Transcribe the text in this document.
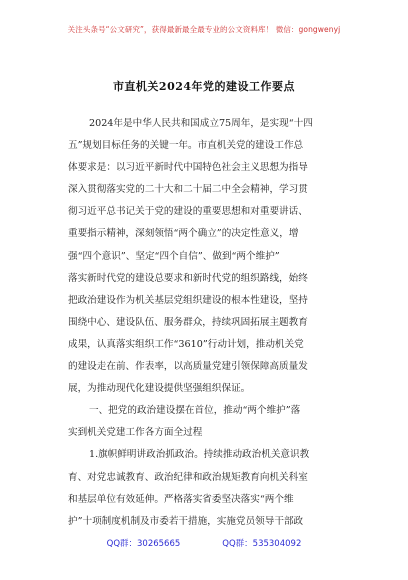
关注头条号“公文研究”，获得最新最全最专业的公文资料库！ 微信：gongwenyj
市直机关2024年党的建设工作要点
2024年是中华人民共和国成立75周年，是实现“十四
五”规划目标任务的关键一年。市直机关党的建设工作总
体要求是：以习近平新时代中国特色社会主义思想为指导
深入贯彻落实党的二十大和二十届二中全会精神，学习贯
彻习近平总书记关于党的建设的重要思想和对重要讲话、
重要指示精神，深刻领悟“两个确立”的决定性意义，增
强“四个意识”、坚定“四个自信”、做到“两个维护”
落实新时代党的建设总要求和新时代党的组织路线，始终
把政治建设作为机关基层党组织建设的根本性建设，坚持
围绕中心、建设队伍、服务群众，持续巩固拓展主题教育
成果，认真落实组织工作“3610”行动计划，推动机关党
的建设走在前、作表率，以高质量党建引领保障高质量发
展，为推动现代化建设提供坚强组织保证。
一、把党的政治建设摆在首位，推动“两个维护”落
实到机关党建工作各方面全过程
1.旗帜鲜明讲政治抓政治。持续推动政治机关意识教
育、对党忠诚教育、政治纪律和政治规矩教育向机关科室
和基层单位有效延伸。严格落实省委坚决落实“两个维
护”十项制度机制及市委若干措施，实施党员领导干部政
QQ群：30265665	QQ群：535304092
